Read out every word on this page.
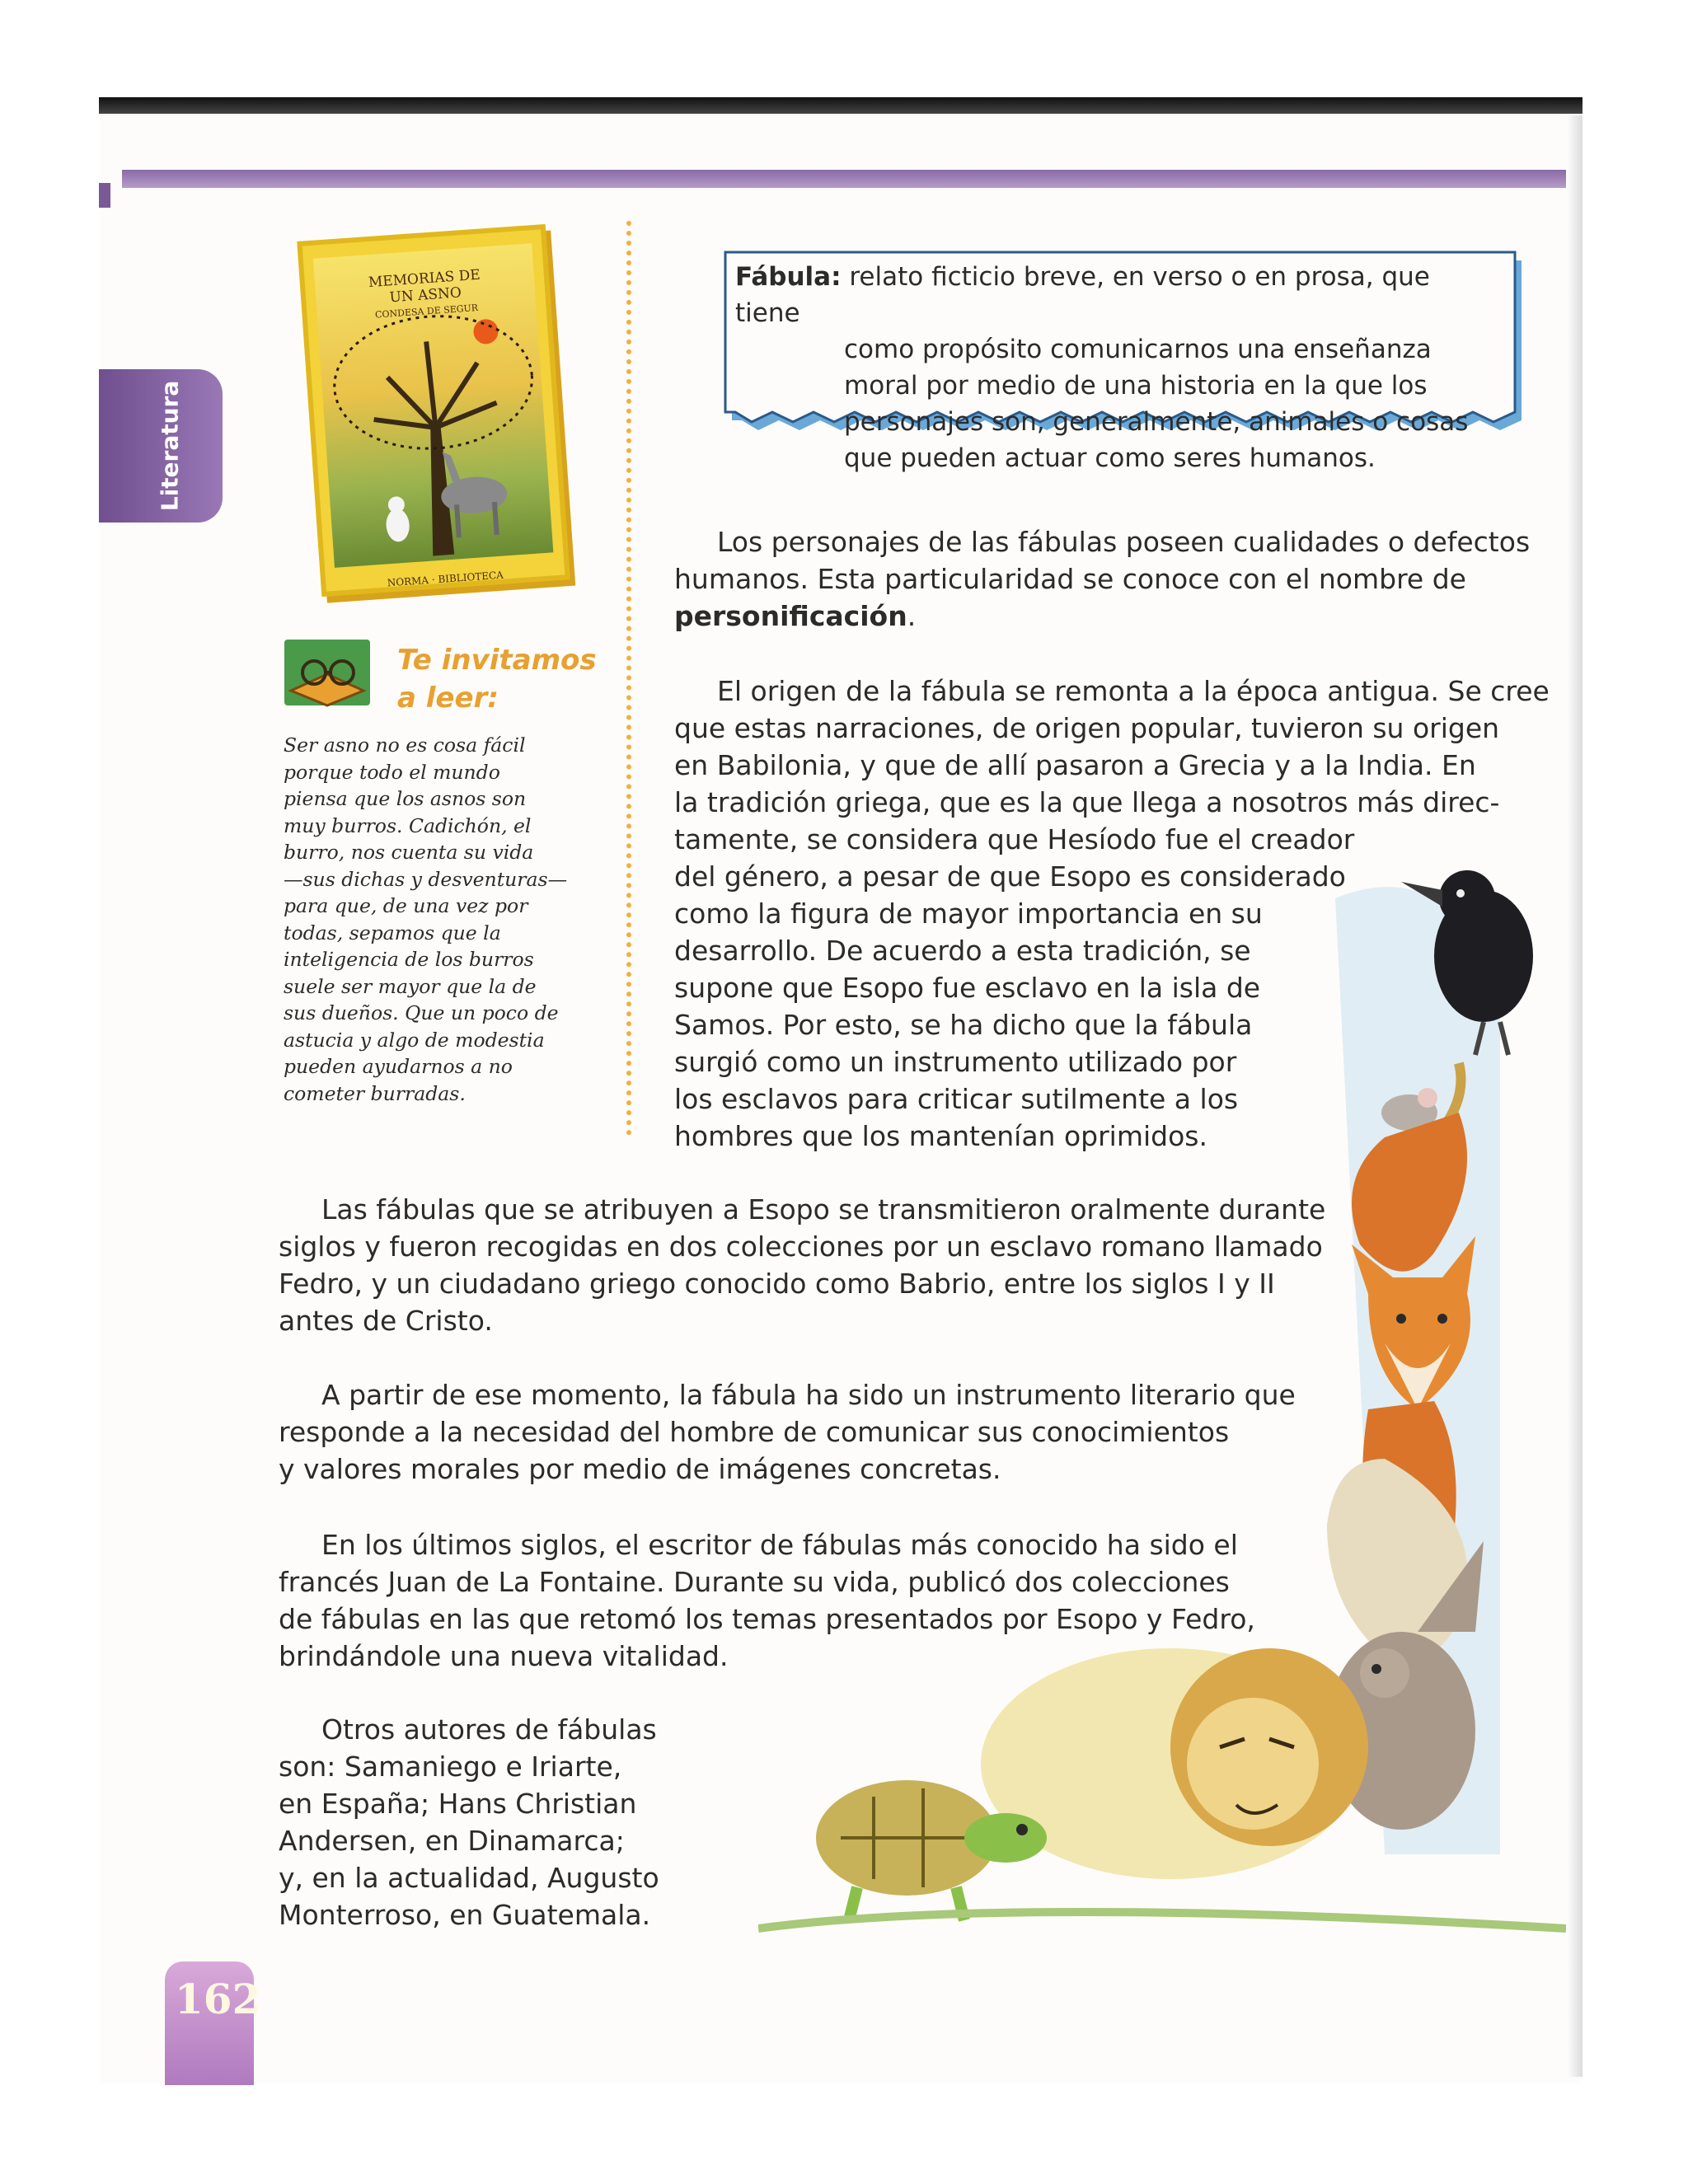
Literatura
MEMORIAS DE
UN ASNO
CONDESA DE SEGUR
NORMA · BIBLIOTECA
Te invitamos
a leer:
Ser asno no es cosa fácil
porque todo el mundo
piensa que los asnos son
muy burros. Cadichón, el
burro, nos cuenta su vida
—sus dichas y desventuras—
para que, de una vez por
todas, sepamos que la
inteligencia de los burros
suele ser mayor que la de
sus dueños. Que un poco de
astucia y algo de modestia
pueden ayudarnos a no
cometer burradas.
Fábula: relato ficticio breve, en verso o en prosa, que tiene
como propósito comunicarnos una enseñanza
moral por medio de una historia en la que los
personajes son, generalmente, animales o cosas
que pueden actuar como seres humanos.
Los personajes de las fábulas poseen cualidades o defectos
humanos. Esta particularidad se conoce con el nombre de
personificación.
El origen de la fábula se remonta a la época antigua. Se cree
que estas narraciones, de origen popular, tuvieron su origen
en Babilonia, y que de allí pasaron a Grecia y a la India. En
la tradición griega, que es la que llega a nosotros más direc-
tamente, se considera que Hesíodo fue el creador
del género, a pesar de que Esopo es considerado
como la figura de mayor importancia en su
desarrollo. De acuerdo a esta tradición, se
supone que Esopo fue esclavo en la isla de
Samos. Por esto, se ha dicho que la fábula
surgió como un instrumento utilizado por
los esclavos para criticar sutilmente a los
hombres que los mantenían oprimidos.
Las fábulas que se atribuyen a Esopo se transmitieron oralmente durante
siglos y fueron recogidas en dos colecciones por un esclavo romano llamado
Fedro, y un ciudadano griego conocido como Babrio, entre los siglos I y II
antes de Cristo.
A partir de ese momento, la fábula ha sido un instrumento literario que
responde a la necesidad del hombre de comunicar sus conocimientos
y valores morales por medio de imágenes concretas.
En los últimos siglos, el escritor de fábulas más conocido ha sido el
francés Juan de La Fontaine. Durante su vida, publicó dos colecciones
de fábulas en las que retomó los temas presentados por Esopo y Fedro,
brindándole una nueva vitalidad.
Otros autores de fábulas
son: Samaniego e Iriarte,
en España; Hans Christian
Andersen, en Dinamarca;
y, en la actualidad, Augusto
Monterroso, en Guatemala.
162
